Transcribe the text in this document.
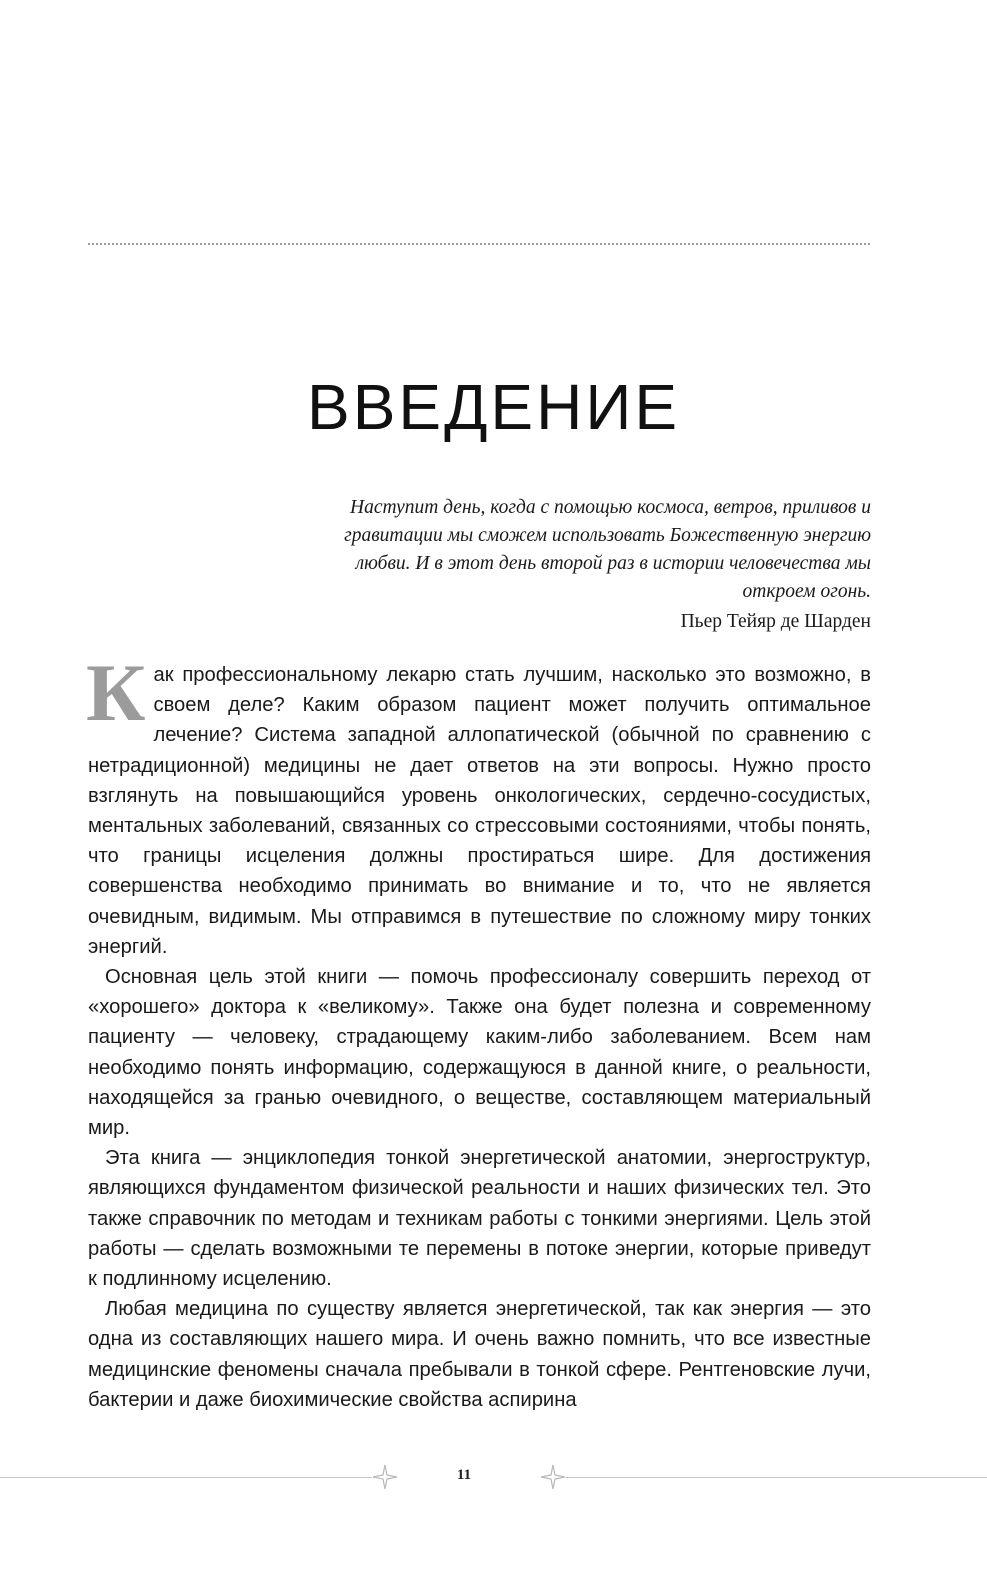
ВВЕДЕНИЕ

Наступит день, когда с помощью космоса, ветров, приливов и гравитации мы сможем использовать Божественную энергию любви. И в этот день второй раз в истории человечества мы откроем огонь.

Пьер Тейяр де Шарден

Как профессиональному лекарю стать лучшим, насколько это возможно, в своем деле? Каким образом пациент может получить оптимальное лечение? Система западной аллопатической (обычной по сравнению с нетрадиционной) медицины не дает ответов на эти вопросы. Нужно просто взглянуть на повышающийся уровень онкологических, сердечно-сосудистых, ментальных заболеваний, связанных со стрессовыми состояниями, чтобы понять, что границы исцеления должны простираться шире. Для достижения совершенства необходимо принимать во внимание и то, что не является очевидным, видимым. Мы отправимся в путешествие по сложному миру тонких энергий.

Основная цель этой книги — помочь профессионалу совершить переход от «хорошего» доктора к «великому». Также она будет полезна и современному пациенту — человеку, страдающему каким-либо заболеванием. Всем нам необходимо понять информацию, содержащуюся в данной книге, о реальности, находящейся за гранью очевидного, о веществе, составляющем материальный мир.

Эта книга — энциклопедия тонкой энергетической анатомии, энергоструктур, являющихся фундаментом физической реальности и наших физических тел. Это также справочник по методам и техникам работы с тонкими энергиями. Цель этой работы — сделать возможными те перемены в потоке энергии, которые приведут к подлинному исцелению.

Любая медицина по существу является энергетической, так как энергия — это одна из составляющих нашего мира. И очень важно помнить, что все известные медицинские феномены сначала пребывали в тонкой сфере. Рентгеновские лучи, бактерии и даже биохимические свойства аспирина

11
